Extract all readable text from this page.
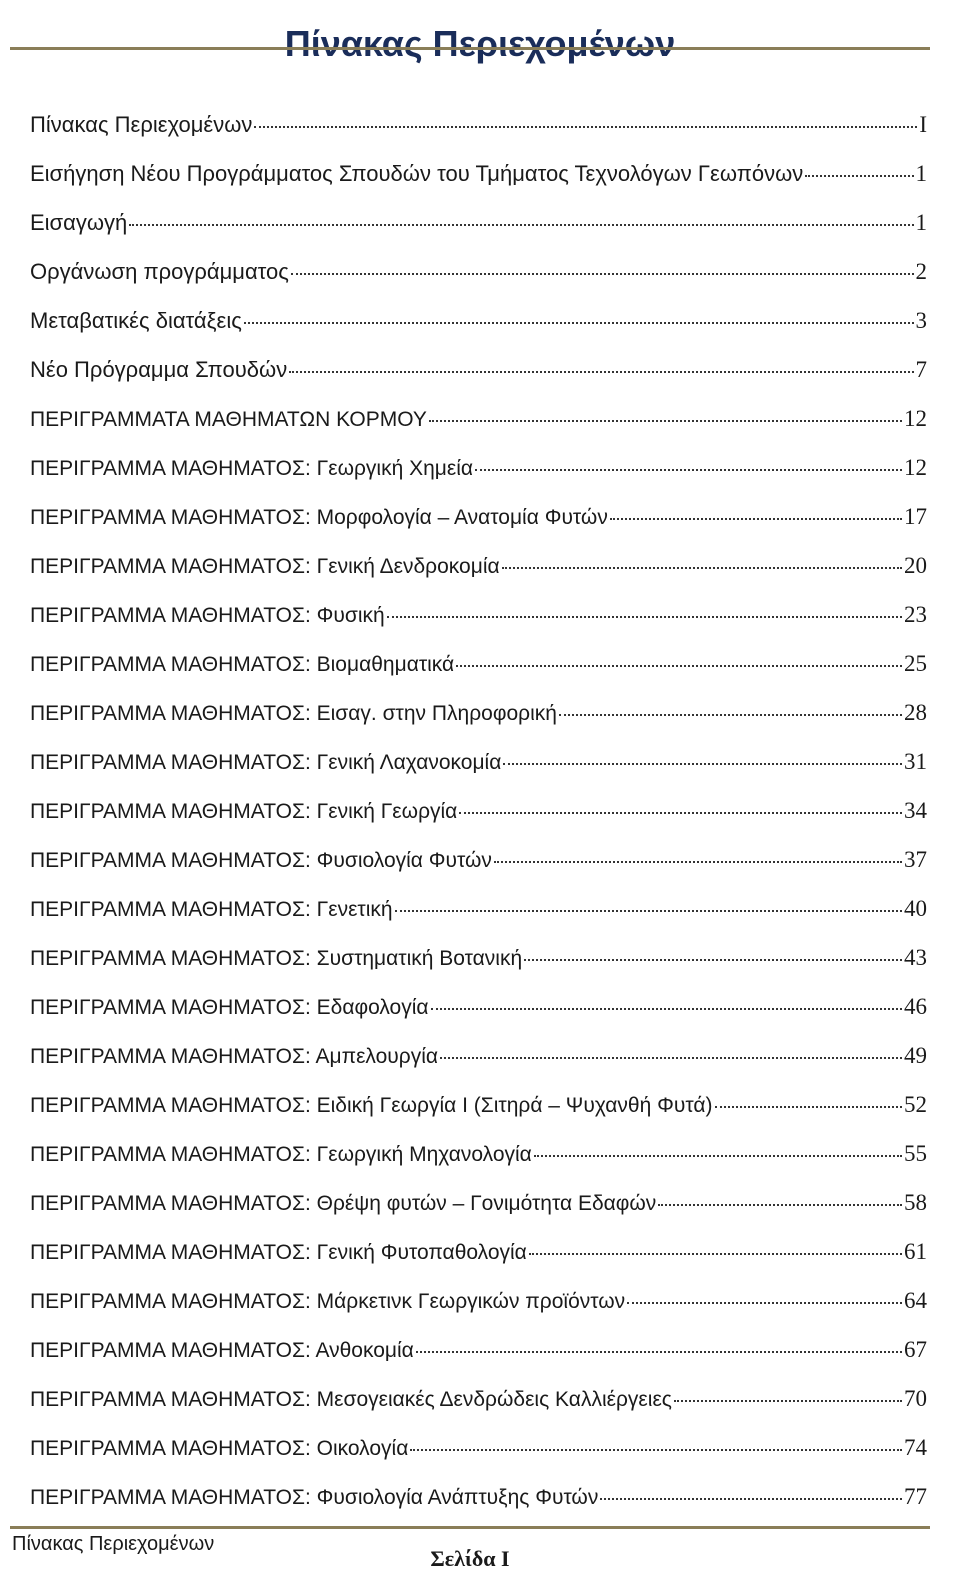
Πίνακας Περιεχομένων
Πίνακας Περιεχομένων	I
Εισήγηση Νέου Προγράμματος Σπουδών του Τμήματος Τεχνολόγων Γεωπόνων	1
Εισαγωγή	1
Οργάνωση προγράμματος	2
Μεταβατικές διατάξεις	3
Νέο Πρόγραμμα Σπουδών	7
ΠΕΡΙΓΡΑΜΜΑΤΑ ΜΑΘΗΜΑΤΩΝ ΚΟΡΜΟΥ	12
ΠΕΡΙΓΡΑΜΜΑ ΜΑΘΗΜΑΤΟΣ: Γεωργική Χημεία	12
ΠΕΡΙΓΡΑΜΜΑ ΜΑΘΗΜΑΤΟΣ: Μορφολογία – Ανατομία Φυτών	17
ΠΕΡΙΓΡΑΜΜΑ ΜΑΘΗΜΑΤΟΣ: Γενική Δενδροκομία	20
ΠΕΡΙΓΡΑΜΜΑ ΜΑΘΗΜΑΤΟΣ: Φυσική	23
ΠΕΡΙΓΡΑΜΜΑ ΜΑΘΗΜΑΤΟΣ: Βιομαθηματικά	25
ΠΕΡΙΓΡΑΜΜΑ ΜΑΘΗΜΑΤΟΣ: Εισαγ. στην Πληροφορική	28
ΠΕΡΙΓΡΑΜΜΑ ΜΑΘΗΜΑΤΟΣ: Γενική Λαχανοκομία	31
ΠΕΡΙΓΡΑΜΜΑ ΜΑΘΗΜΑΤΟΣ: Γενική Γεωργία	34
ΠΕΡΙΓΡΑΜΜΑ ΜΑΘΗΜΑΤΟΣ: Φυσιολογία Φυτών	37
ΠΕΡΙΓΡΑΜΜΑ ΜΑΘΗΜΑΤΟΣ: Γενετική	40
ΠΕΡΙΓΡΑΜΜΑ ΜΑΘΗΜΑΤΟΣ: Συστηματική Βοτανική	43
ΠΕΡΙΓΡΑΜΜΑ ΜΑΘΗΜΑΤΟΣ: Εδαφολογία	46
ΠΕΡΙΓΡΑΜΜΑ ΜΑΘΗΜΑΤΟΣ: Αμπελουργία	49
ΠΕΡΙΓΡΑΜΜΑ ΜΑΘΗΜΑΤΟΣ: Ειδική Γεωργία Ι (Σιτηρά – Ψυχανθή Φυτά)	52
ΠΕΡΙΓΡΑΜΜΑ ΜΑΘΗΜΑΤΟΣ: Γεωργική Μηχανολογία	55
ΠΕΡΙΓΡΑΜΜΑ ΜΑΘΗΜΑΤΟΣ: Θρέψη φυτών – Γονιμότητα Εδαφών	58
ΠΕΡΙΓΡΑΜΜΑ ΜΑΘΗΜΑΤΟΣ: Γενική Φυτοπαθολογία	61
ΠΕΡΙΓΡΑΜΜΑ ΜΑΘΗΜΑΤΟΣ: Μάρκετινκ Γεωργικών προϊόντων	64
ΠΕΡΙΓΡΑΜΜΑ ΜΑΘΗΜΑΤΟΣ: Ανθοκομία	67
ΠΕΡΙΓΡΑΜΜΑ ΜΑΘΗΜΑΤΟΣ: Μεσογειακές Δενδρώδεις Καλλιέργειες	70
ΠΕΡΙΓΡΑΜΜΑ ΜΑΘΗΜΑΤΟΣ: Οικολογία	74
ΠΕΡΙΓΡΑΜΜΑ ΜΑΘΗΜΑΤΟΣ: Φυσιολογία Ανάπτυξης Φυτών	77
Πίνακας Περιεχομένων
Σελίδα I
